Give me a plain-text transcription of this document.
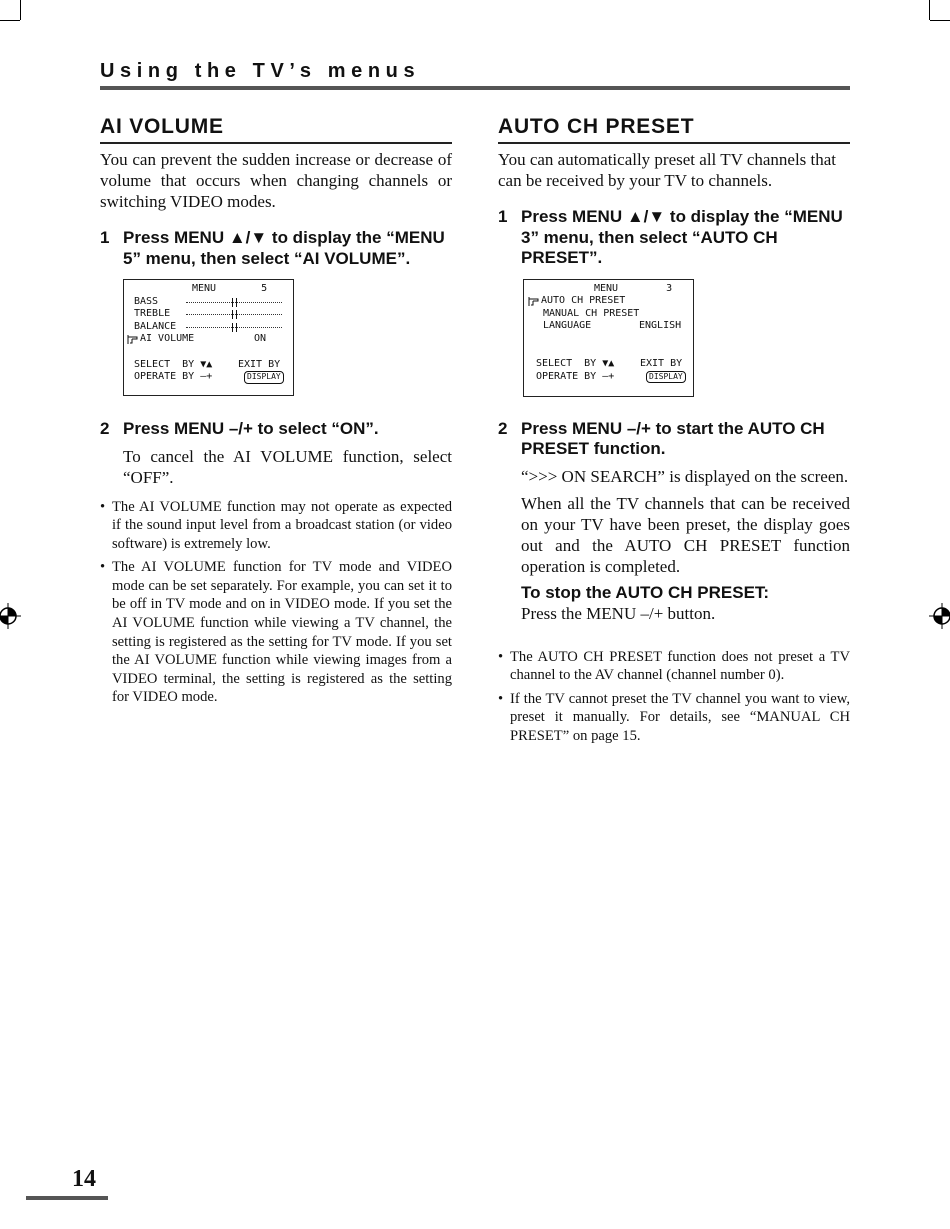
Using the TV’s menus
AI VOLUME
You can prevent the sudden increase or decrease of volume that occurs when changing channels or switching VIDEO modes.
1 Press MENU ▲/▼ to display the “MENU 5” menu, then select “AI VOLUME”.
MENU	5
BASS
TREBLE
BALANCE
AI VOLUME	ON
SELECT  BY ▼▲	EXIT BY
OPERATE BY –+	DISPLAY
2 Press MENU –/+ to select “ON”.
To cancel the AI VOLUME function, select “OFF”.
• The AI VOLUME function may not operate as expected if the sound input level from a broadcast station (or video software) is extremely low.
• The AI VOLUME function for TV mode and VIDEO mode can be set separately. For example, you can set it to be off in TV mode and on in VIDEO mode. If you set the AI VOLUME function while viewing a TV channel, the setting is registered as the setting for TV mode. If you set the AI VOLUME function while viewing images from a VIDEO terminal, the setting is registered as the setting for VIDEO mode.
AUTO CH PRESET
You can automatically preset all TV channels that can be received by your TV to channels.
1 Press MENU ▲/▼ to display the “MENU 3” menu, then select “AUTO CH PRESET”.
MENU	3
AUTO CH PRESET
MANUAL CH PRESET
LANGUAGE	ENGLISH
SELECT  BY ▼▲	EXIT BY
OPERATE BY –+	DISPLAY
2 Press MENU –/+ to start the AUTO CH PRESET function.
“>>> ON SEARCH” is displayed on the screen.
When all the TV channels that can be received on your TV have been preset, the display goes out and the AUTO CH PRESET function operation is completed.
To stop the AUTO CH PRESET:
Press the MENU –/+ button.
• The AUTO CH PRESET function does not preset a TV channel to the AV channel (channel number 0).
• If the TV cannot preset the TV channel you want to view, preset it manually. For details, see “MANUAL CH PRESET” on page 15.
14
